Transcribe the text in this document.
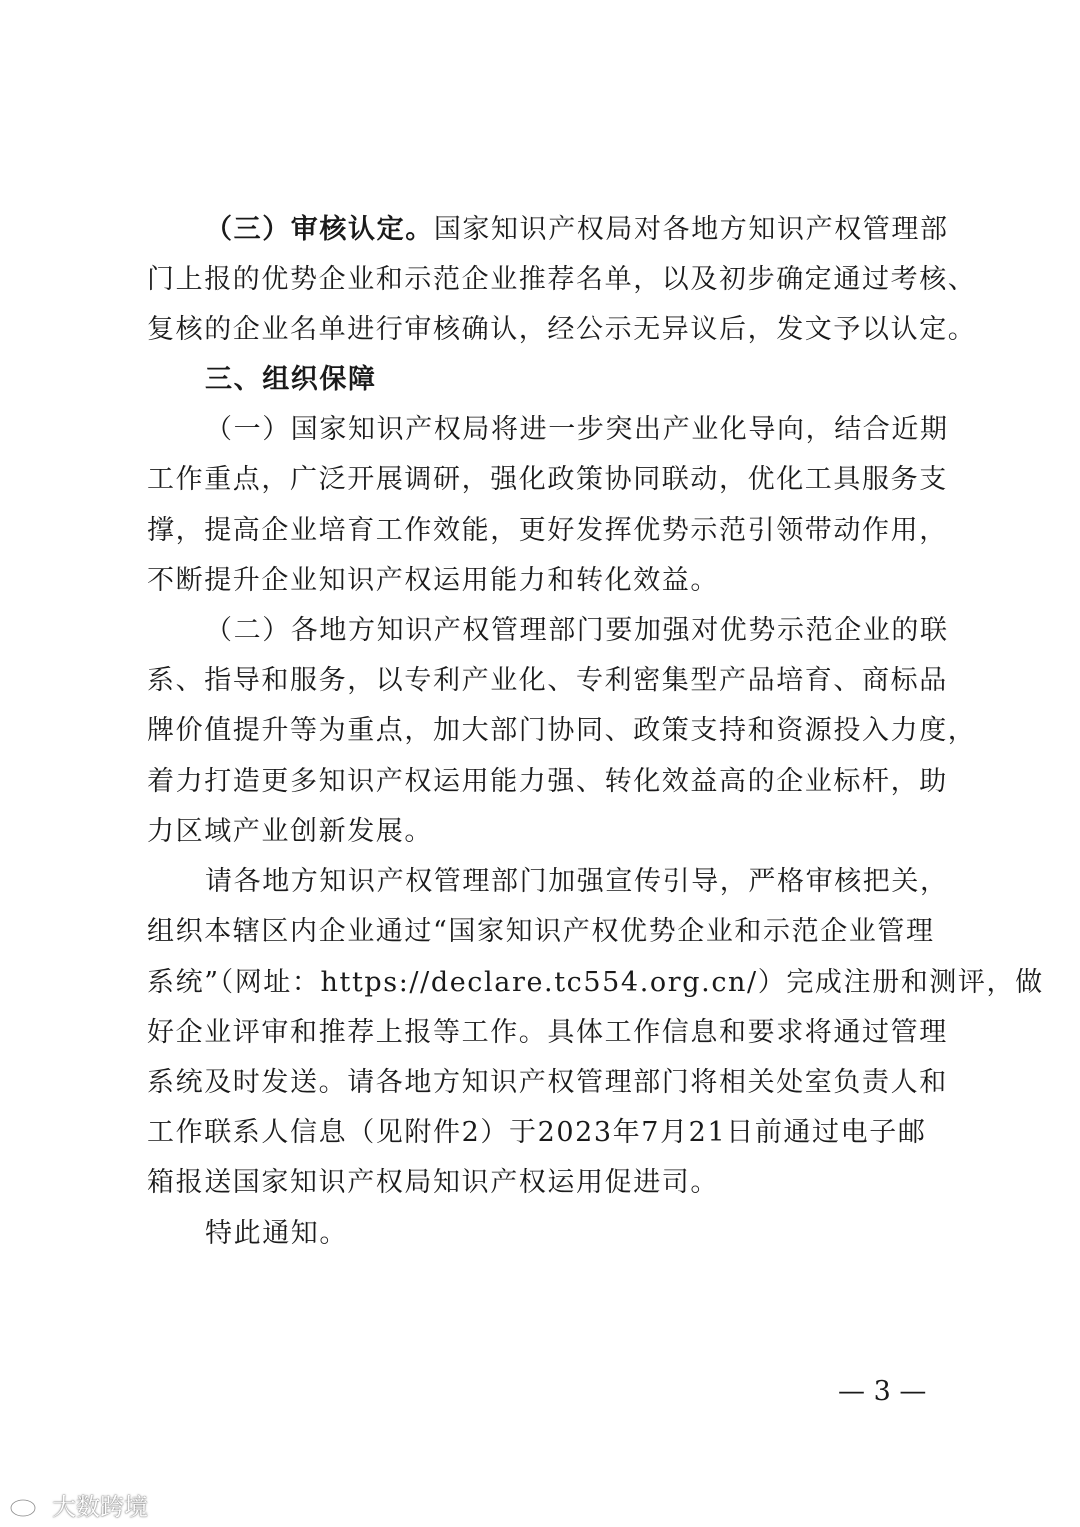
（三）审核认定。国家知识产权局对各地方知识产权管理部
门上报的优势企业和示范企业推荐名单，以及初步确定通过考核、
复核的企业名单进行审核确认，经公示无异议后，发文予以认定。
三、组织保障
（一）国家知识产权局将进一步突出产业化导向，结合近期
工作重点，广泛开展调研，强化政策协同联动，优化工具服务支
撑，提高企业培育工作效能，更好发挥优势示范引领带动作用，
不断提升企业知识产权运用能力和转化效益。
（二）各地方知识产权管理部门要加强对优势示范企业的联
系、指导和服务，以专利产业化、专利密集型产品培育、商标品
牌价值提升等为重点，加大部门协同、政策支持和资源投入力度，
着力打造更多知识产权运用能力强、转化效益高的企业标杆，助
力区域产业创新发展。
请各地方知识产权管理部门加强宣传引导，严格审核把关，
组织本辖区内企业通过“国家知识产权优势企业和示范企业管理
系统”（网址：https://declare.tc554.org.cn/）完成注册和测评，做
好企业评审和推荐上报等工作。具体工作信息和要求将通过管理
系统及时发送。请各地方知识产权管理部门将相关处室负责人和
工作联系人信息（见附件2）于2023年7月21日前通过电子邮
箱报送国家知识产权局知识产权运用促进司。
特此通知。
— 3 —
大数跨境
